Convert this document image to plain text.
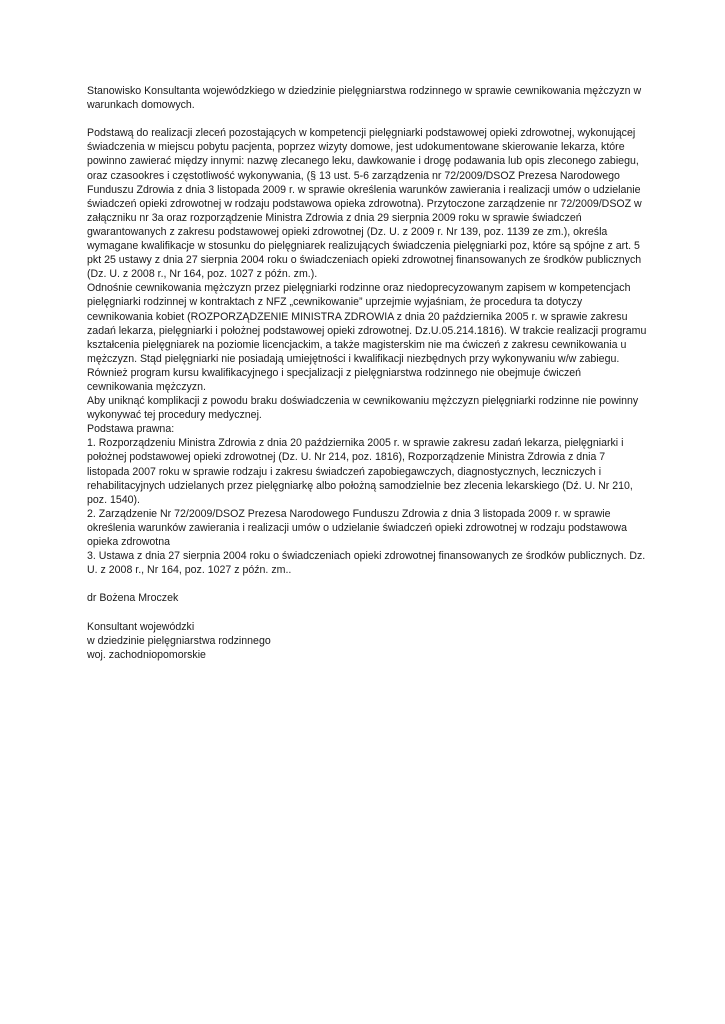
Stanowisko Konsultanta wojewódzkiego w dziedzinie pielęgniarstwa rodzinnego w sprawie cewnikowania mężczyzn w warunkach domowych.

Podstawą do realizacji zleceń pozostających w kompetencji pielęgniarki podstawowej opieki zdrowotnej, wykonującej świadczenia w miejscu pobytu pacjenta, poprzez wizyty domowe, jest udokumentowane skierowanie lekarza, które powinno zawierać między innymi: nazwę zlecanego leku, dawkowanie i drogę podawania lub opis zleconego zabiegu, oraz czasookres i częstotliwość wykonywania, (§ 13 ust. 5-6 zarządzenia nr 72/2009/DSOZ Prezesa Narodowego Funduszu Zdrowia z dnia 3 listopada 2009 r. w sprawie określenia warunków zawierania i realizacji umów o udzielanie świadczeń opieki zdrowotnej w rodzaju podstawowa opieka zdrowotna). Przytoczone zarządzenie nr 72/2009/DSOZ w załączniku nr 3a oraz rozporządzenie Ministra Zdrowia z dnia 29 sierpnia 2009 roku w sprawie świadczeń gwarantowanych z zakresu podstawowej opieki zdrowotnej (Dz. U. z 2009 r. Nr 139, poz. 1139 ze zm.), określa wymagane kwalifikacje w stosunku do pielęgniarek realizujących świadczenia pielęgniarki poz, które są spójne z art. 5 pkt 25 ustawy z dnia 27 sierpnia 2004 roku o świadczeniach opieki zdrowotnej finansowanych ze środków publicznych (Dz. U. z 2008 r., Nr 164, poz. 1027 z późn. zm.).

Odnośnie cewnikowania mężczyzn przez pielęgniarki rodzinne oraz niedoprecyzowanym zapisem w kompetencjach pielęgniarki rodzinnej w kontraktach z NFZ „cewnikowanie” uprzejmie wyjaśniam, że procedura ta dotyczy cewnikowania kobiet (ROZPORZĄDZENIE MINISTRA ZDROWIA z dnia 20 października 2005 r. w sprawie zakresu zadań lekarza, pielęgniarki i położnej podstawowej opieki zdrowotnej. Dz.U.05.214.1816). W trakcie realizacji programu kształcenia pielęgniarek na poziomie licencjackim, a także magisterskim nie ma ćwiczeń z zakresu cewnikowania u mężczyzn. Stąd pielęgniarki nie posiadają umiejętności i kwalifikacji niezbędnych przy wykonywaniu w/w zabiegu. Również program kursu kwalifikacyjnego i specjalizacji z pielęgniarstwa rodzinnego nie obejmuje ćwiczeń cewnikowania mężczyzn.

Aby uniknąć komplikacji z powodu braku doświadczenia w cewnikowaniu mężczyzn pielęgniarki rodzinne nie powinny wykonywać tej procedury medycznej.

Podstawa prawna:

1. Rozporządzeniu Ministra Zdrowia z dnia 20 października 2005 r. w sprawie zakresu zadań lekarza, pielęgniarki i położnej podstawowej opieki zdrowotnej (Dz. U. Nr 214, poz. 1816), Rozporządzenie Ministra Zdrowia z dnia 7 listopada 2007 roku w sprawie rodzaju i zakresu świadczeń zapobiegawczych, diagnostycznych, leczniczych i rehabilitacyjnych udzielanych przez pielęgniarkę albo położną samodzielnie bez zlecenia lekarskiego (Dź. U. Nr 210, poz. 1540).

2. Zarządzenie Nr 72/2009/DSOZ Prezesa Narodowego Funduszu Zdrowia z dnia 3 listopada 2009 r. w sprawie określenia warunków zawierania i realizacji umów o udzielanie świadczeń opieki zdrowotnej w rodzaju podstawowa opieka zdrowotna

3. Ustawa z dnia 27 sierpnia 2004 roku o świadczeniach opieki zdrowotnej finansowanych ze środków publicznych. Dz. U. z 2008 r., Nr 164, poz. 1027 z późn. zm..

dr Bożena Mroczek

Konsultant wojewódzki

w dziedzinie pielęgniarstwa rodzinnego

woj. zachodniopomorskie
